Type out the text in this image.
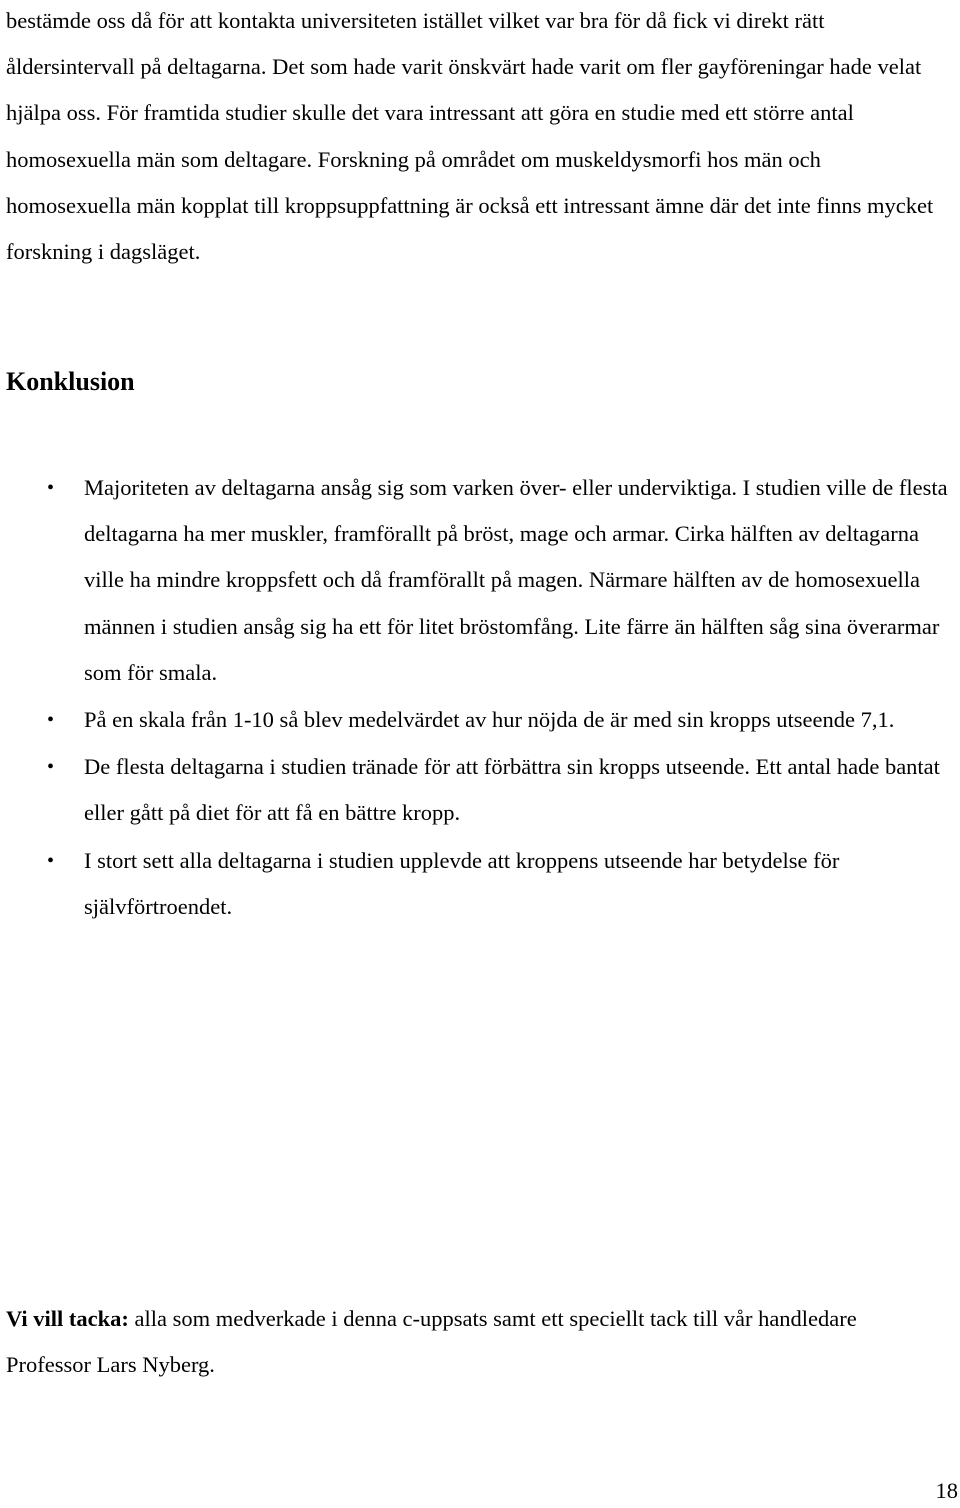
bestämde oss då för att kontakta universiteten istället vilket var bra för då fick vi direkt rätt åldersintervall på deltagarna. Det som hade varit önskvärt hade varit om fler gayföreningar hade velat hjälpa oss. För framtida studier skulle det vara intressant att göra en studie med ett större antal homosexuella män som deltagare. Forskning på området om muskeldysmorfi hos män och homosexuella män kopplat till kroppsuppfattning är också ett intressant ämne där det inte finns mycket forskning i dagsläget.

Konklusion
• Majoriteten av deltagarna ansåg sig som varken över- eller underviktiga. I studien ville de flesta deltagarna ha mer muskler, framförallt på bröst, mage och armar. Cirka hälften av deltagarna ville ha mindre kroppsfett och då framförallt på magen. Närmare hälften av de homosexuella männen i studien ansåg sig ha ett för litet bröstomfång. Lite färre än hälften såg sina överarmar som för smala.
• På en skala från 1-10 så blev medelvärdet av hur nöjda de är med sin kropps utseende 7,1.
• De flesta deltagarna i studien tränade för att förbättra sin kropps utseende. Ett antal hade bantat eller gått på diet för att få en bättre kropp.
• I stort sett alla deltagarna i studien upplevde att kroppens utseende har betydelse för självförtroendet.

Vi vill tacka: alla som medverkade i denna c-uppsats samt ett speciellt tack till vår handledare Professor Lars Nyberg.

18
